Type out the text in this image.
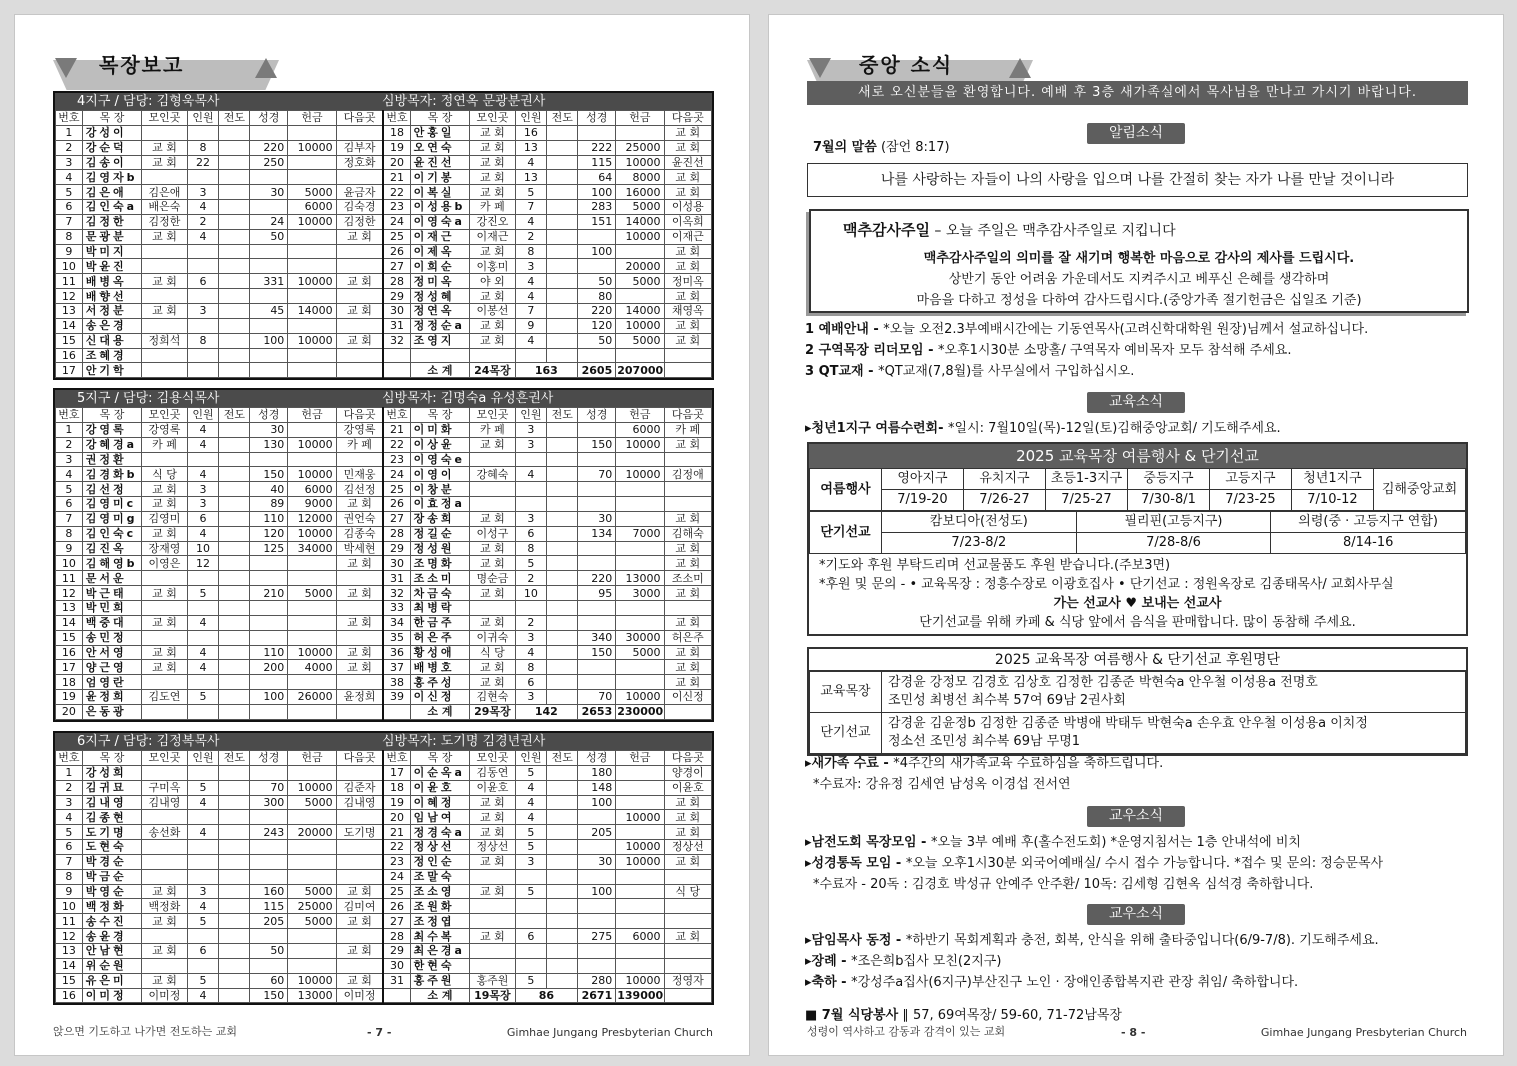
목장보고
4지구 / 담당: 김형욱목사	심방목자: 정연옥 문광분권사
번호	목 장	모인곳	인원	전도	성경	헌금	다음곳	번호	목 장	모인곳	인원	전도	성경	헌금	다음곳
1	강성이							18	안홍일	교 회	16				교 회
2	강순덕	교 회	8		220	10000	김부자	19	오연숙	교 회	13		222	25000	교 회
3	김송이	교 회	22		250		정호화	20	윤진선	교 회	4		115	10000	윤진선
4	김영자b							21	이기봉	교 회	13		64	8000	교 회
5	김은애	김은애	3		30	5000	윤금자	22	이복실	교 회	5		100	16000	교 회
6	김인숙a	배은숙	4			6000	김숙경	23	이성용b	카 페	7		283	5000	이성용
7	김정한	김정한	2		24	10000	김정한	24	이영숙a	강진오	4		151	14000	이옥희
8	문광분	교 회	4		50		교 회	25	이재근	이재근	2			10000	이재근
9	박미지							26	이제옥	교 회	8		100		교 회
10	박윤진							27	이희순	이홍미	3			20000	교 회
11	배병옥	교 회	6		331	10000	교 회	28	정미옥	야 외	4		50	5000	정미옥
12	배향선							29	정성혜	교 회	4		80		교 회
13	서정분	교 회	3		45	14000	교 회	30	정연옥	이봉선	7		220	14000	채영옥
14	송은경							31	정정순a	교 회	9		120	10000	교 회
15	신대용	정희석	8		100	10000	교 회	32	조영지	교 회	4		50	5000	교 회
16	조혜경														
17	안기학								소 계	24목장	163		2605	207000	
5지구 / 담당: 김용식목사	심방목자: 김명숙a 유성흔권사
번호	목 장	모인곳	인원	전도	성경	헌금	다음곳	번호	목 장	모인곳	인원	전도	성경	헌금	다음곳
1	강영록	강영록	4		30		강영록	21	이미화	카 페	3			6000	카 페
2	강혜경a	카 페	4		130	10000	카 페	22	이상윤	교 회	3		150	10000	교 회
3	권정환							23	이영숙e						
4	김경화b	식 당	4		150	10000	민재웅	24	이영이	강혜숙	4		70	10000	김정애
5	김선정	교 회	3		40	6000	김선정	25	이창분						
6	김영미c	교 회	3		89	9000	교 회	26	이효정a						
7	김영미g	김영미	6		110	12000	권언숙	27	장송희	교 회	3		30		교 회
8	김인숙c	교 회	4		120	10000	김종숙	28	정길순	이성구	6		134	7000	김해숙
9	김진옥	장재영	10		125	34000	박세현	29	정성원	교 회	8				교 회
10	김해영b	이영은	12				교 회	30	조명화	교 회	5				교 회
11	문서운							31	조소미	명순금	2		220	13000	조소미
12	박근태	교 회	5		210	5000	교 회	32	차금숙	교 회	10		95	3000	교 회
13	박민희							33	최병락						
14	백중대	교 회	4				교 회	34	한금주	교 회	2				교 회
15	송민정							35	허은주	이귀숙	3		340	30000	허은주
16	안서영	교 회	4		110	10000	교 회	36	황성애	식 당	4		150	5000	교 회
17	양근영	교 회	4		200	4000	교 회	37	배병호	교 회	8				교 회
18	엄영란							38	홍주성	교 회	6				교 회
19	윤정희	김도연	5		100	26000	윤정희	39	이신정	김현숙	3		70	10000	이신정
20	은동광								소 계	29목장	142		2653	230000	
6지구 / 담당: 김정복목사	심방목자: 도기명 김경년권사
번호	목 장	모인곳	인원	전도	성경	헌금	다음곳	번호	목 장	모인곳	인원	전도	성경	헌금	다음곳
1	강성희							17	이순옥a	김동연	5		180		양경이
2	김귀묘	구미옥	5		70	10000	김준자	18	이윤호	이윤호	4		148		이윤호
3	김내영	김내영	4		300	5000	김내영	19	이혜정	교 회	4		100		교 회
4	김종현							20	임남여	교 회	4			10000	교 회
5	도기명	송선화	4		243	20000	도기명	21	정경숙a	교 회	5		205		교 회
6	도현숙							22	정상선	정상선	5			10000	정상선
7	박경순							23	정인순	교 회	3		30	10000	교 회
8	박금순							24	조말숙						
9	박영순	교 회	3		160	5000	교 회	25	조소영	교 회	5		100		식 당
10	백정화	백정화	4		115	25000	김미여	26	조원화						
11	송수진	교 회	5		205	5000	교 회	27	조정엽						
12	송윤경							28	최수복	교 회	6		275	6000	교 회
13	안남현	교 회	6		50		교 회	29	최은경a						
14	위순원							30	한현숙						
15	유은미	교 회	5		60	10000	교 회	31	홍주원	홍주원	5		280	10000	정영자
16	이미정	이미정	4		150	13000	이미정		소 계	19목장	86		2671	139000	
앉으면 기도하고 나가면 전도하는 교회	- 7 -	Gimhae Jungang Presbyterian Church
중앙 소식
새로 오신분들을 환영합니다. 예배 후 3층 새가족실에서 목사님을 만나고 가시기 바랍니다.
알림소식
7월의 말씀 (잠언 8:17)
나를 사랑하는 자들이 나의 사랑을 입으며 나를 간절히 찾는 자가 나를 만날 것이니라
맥추감사주일 – 오늘 주일은 맥추감사주일로 지킵니다
맥추감사주일의 의미를 잘 새기며 행복한 마음으로 감사의 제사를 드립시다.
상반기 동안 어려움 가운데서도 지켜주시고 베푸신 은혜를 생각하며
마음을 다하고 정성을 다하여 감사드립시다.(중앙가족 절기헌금은 십일조 기준)
1 예배안내 - *오늘 오전2.3부예배시간에는 기동연목사(고려신학대학원 원장)님께서 설교하십니다.
2 구역목장 리더모임 - *오후1시30분 소망홀/ 구역목자 예비목자 모두 참석해 주세요.
3 QT교재 - *QT교재(7,8월)를 사무실에서 구입하십시오.
교육소식
▸청년1지구 여름수련회- *일시: 7월10일(목)-12일(토)김해중앙교회/ 기도해주세요.
2025 교육목장 여름행사 & 단기선교
여름행사	영아지구	유치지구	초등1-3지구	중등지구	고등지구	청년1지구	김해중앙교회
	7/19-20	7/26-27	7/25-27	7/30-8/1	7/23-25	7/10-12	
단기선교	캄보디아(전성도)	필리핀(고등지구)	의령(중 · 고등지구 연합)
	7/23-8/2	7/28-8/6	8/14-16
*기도와 후원 부탁드리며 선교물품도 후원 받습니다.(주보3면)
*후원 및 문의 - • 교육목장 : 정흥수장로 이광호집사 • 단기선교 : 정원옥장로 김종태목사/ 교회사무실
가는 선교사 ♥ 보내는 선교사
단기선교를 위해 카페 & 식당 앞에서 음식을 판매합니다. 많이 동참해 주세요.
2025 교육목장 여름행사 & 단기선교 후원명단
교육목장	감경윤 강정모 김경호 김상호 김정한 김종준 박현숙a 안우철 이성용a 전명호
조민성 최병선 최수복 57여 69남 2권사회

단기선교	감경윤 김윤정b 김정한 김종준 박병애 박태두 박현숙a 손우효 안우철 이성용a 이치정
정소선 조민성 최수복 69남 무명1
▸새가족 수료 - *4주간의 새가족교육 수료하심을 축하드립니다.
*수료자: 강유정 김세연 남성옥 이경섭 전서연
교우소식
▸남전도회 목장모임 - *오늘 3부 예배 후(홀수전도회) *운영지침서는 1층 안내석에 비치
▸성경통독 모임 - *오늘 오후1시30분 외국어예배실/ 수시 접수 가능합니다. *접수 및 문의: 정승문목사
*수료자 - 20독 : 김경호 박성규 안예주 안주환/ 10독: 김세형 김현옥 심석경 축하합니다.
교우소식
▸담임목사 동정 - *하반기 목회계획과 충전, 회복, 안식을 위해 출타중입니다(6/9-7/8). 기도해주세요.
▸장례 - *조은희b집사 모친(2지구)
▸축하 - *강성주a집사(6지구)부산진구 노인 · 장애인종합복지관 관장 취임/ 축하합니다.
■ 7월 식당봉사 ∥ 57, 69여목장/ 59-60, 71-72남목장
성령이 역사하고 감동과 감격이 있는 교회	- 8 -	Gimhae Jungang Presbyterian Church
